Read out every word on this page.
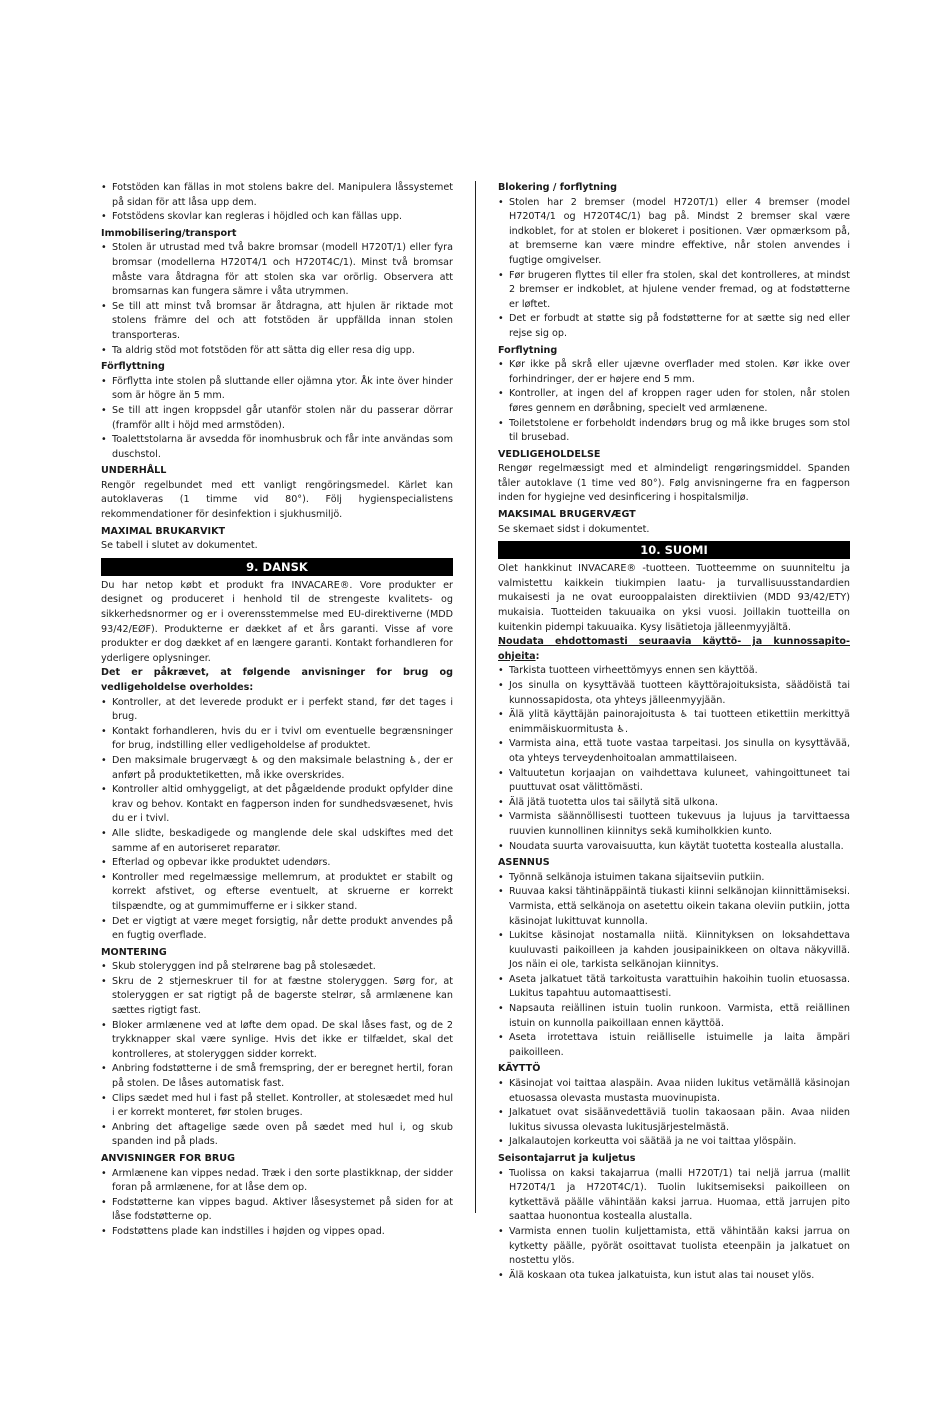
• Fotstöden kan fällas in mot stolens bakre del. Manipulera låssystemet på sidan för att låsa upp dem.
• Fotstödens skovlar kan regleras i höjdled och kan fällas upp.

Immobilisering/transport

• Stolen är utrustad med två bakre bromsar (modell H720T/1) eller fyra bromsar (modellerna H720T4/1 och H720T4C/1). Minst två bromsar måste vara åtdragna för att stolen ska var orörlig. Observera att bromsarnas kan fungera sämre i våta utrymmen.
• Se till att minst två bromsar är åtdragna, att hjulen är riktade mot stolens främre del och att fotstöden är uppfällda innan stolen transporteras.
• Ta aldrig stöd mot fotstöden för att sätta dig eller resa dig upp.

Förflyttning

• Förflytta inte stolen på sluttande eller ojämna ytor. Åk inte över hinder som är högre än 5 mm.
• Se till att ingen kroppsdel går utanför stolen när du passerar dörrar (framför allt i höjd med armstöden).
• Toalettstolarna är avsedda för inomhusbruk och får inte användas som duschstol.

UNDERHÅLL

Rengör regelbundet med ett vanligt rengöringsmedel. Kärlet kan autoklaveras (1 timme vid 80°). Följ hygienspecialistens rekommendationer för desinfektion i sjukhusmiljö.

MAXIMAL BRUKARVIKT

Se tabell i slutet av dokumentet.

9. DANSK

Du har netop købt et produkt fra INVACARE®. Vore produkter er designet og produceret i henhold til de strengeste kvalitets- og sikkerhedsnormer og er i overensstemmelse med EU-direktiverne (MDD 93/42/EØF). Produkterne er dækket af et års garanti. Visse af vore produkter er dog dækket af en længere garanti. Kontakt forhandleren for yderligere oplysninger.

Det er påkrævet, at følgende anvisninger for brug og vedligeholdelse overholdes:

• Kontroller, at det leverede produkt er i perfekt stand, før det tages i brug.
• Kontakt forhandleren, hvis du er i tvivl om eventuelle begrænsninger for brug, indstilling eller vedligeholdelse af produktet.
• Den maksimale brugervægt ♿ og den maksimale belastning ♿, der er anført på produktetiketten, må ikke overskrides.
• Kontroller altid omhyggeligt, at det pågældende produkt opfylder dine krav og behov. Kontakt en fagperson inden for sundhedsvæsenet, hvis du er i tvivl.
• Alle slidte, beskadigede og manglende dele skal udskiftes med det samme af en autoriseret reparatør.
• Efterlad og opbevar ikke produktet udendørs.
• Kontroller med regelmæssige mellemrum, at produktet er stabilt og korrekt afstivet, og efterse eventuelt, at skruerne er korrekt tilspændte, og at gummimufferne er i sikker stand.
• Det er vigtigt at være meget forsigtig, når dette produkt anvendes på en fugtig overflade.

MONTERING

• Skub stoleryggen ind på stelrørene bag på stolesædet.
• Skru de 2 stjerneskruer til for at fæstne stoleryggen. Sørg for, at stoleryggen er sat rigtigt på de bagerste stelrør, så armlænene kan sættes rigtigt fast.
• Bloker armlænene ved at løfte dem opad. De skal låses fast, og de 2 trykknapper skal være synlige. Hvis det ikke er tilfældet, skal det kontrolleres, at stoleryggen sidder korrekt.
• Anbring fodstøtterne i de små fremspring, der er beregnet hertil, foran på stolen. De låses automatisk fast.
• Clips sædet med hul i fast på stellet. Kontroller, at stolesædet med hul i er korrekt monteret, før stolen bruges.
• Anbring det aftagelige sæde oven på sædet med hul i, og skub spanden ind på plads.

ANVISNINGER FOR BRUG

• Armlænene kan vippes nedad. Træk i den sorte plastikknap, der sidder foran på armlænene, for at låse dem op.
• Fodstøtterne kan vippes bagud. Aktiver låsesystemet på siden for at låse fodstøtterne op.
• Fodstøttens plade kan indstilles i højden og vippes opad.

Blokering / forflytning

• Stolen har 2 bremser (model H720T/1) eller 4 bremser (model H720T4/1 og H720T4C/1) bag på. Mindst 2 bremser skal være indkoblet, for at stolen er blokeret i positionen. Vær opmærksom på, at bremserne kan være mindre effektive, når stolen anvendes i fugtige omgivelser.
• Før brugeren flyttes til eller fra stolen, skal det kontrolleres, at mindst 2 bremser er indkoblet, at hjulene vender fremad, og at fodstøtterne er løftet.
• Det er forbudt at støtte sig på fodstøtterne for at sætte sig ned eller rejse sig op.

Forflytning

• Kør ikke på skrå eller ujævne overflader med stolen. Kør ikke over forhindringer, der er højere end 5 mm.
• Kontroller, at ingen del af kroppen rager uden for stolen, når stolen føres gennem en døråbning, specielt ved armlænene.
• Toiletstolene er forbeholdt indendørs brug og må ikke bruges som stol til brusebad.

VEDLIGEHOLDELSE

Rengør regelmæssigt med et almindeligt rengøringsmiddel. Spanden tåler autoklave (1 time ved 80°). Følg anvisningerne fra en fagperson inden for hygiejne ved desinficering i hospitalsmiljø.

MAKSIMAL BRUGERVÆGT

Se skemaet sidst i dokumentet.

10. SUOMI

Olet hankkinut INVACARE® -tuotteen. Tuotteemme on suunniteltu ja valmistettu kaikkein tiukimpien laatu- ja turvallisuusstandardien mukaisesti ja ne ovat eurooppalaisten direktiivien (MDD 93/42/ETY) mukaisia. Tuotteiden takuuaika on yksi vuosi. Joillakin tuotteilla on kuitenkin pidempi takuuaika. Kysy lisätietoja jälleenmyyjältä.

Noudata ehdottomasti seuraavia käyttö- ja kunnossapito-ohjeita:

• Tarkista tuotteen virheettömyys ennen sen käyttöä.
• Jos sinulla on kysyttävää tuotteen käyttörajoituksista, säädöistä tai kunnossapidosta, ota yhteys jälleenmyyjään.
• Älä ylitä käyttäjän painorajoitusta ♿ tai tuotteen etikettiin merkittyä enimmäiskuormitusta ♿.
• Varmista aina, että tuote vastaa tarpeitasi. Jos sinulla on kysyttävää, ota yhteys terveydenhoitoalan ammattilaiseen.
• Valtuutetun korjaajan on vaihdettava kuluneet, vahingoittuneet tai puuttuvat osat välittömästi.
• Älä jätä tuotetta ulos tai säilytä sitä ulkona.
• Varmista säännöllisesti tuotteen tukevuus ja lujuus ja tarvittaessa ruuvien kunnollinen kiinnitys sekä kumiholkkien kunto.
• Noudata suurta varovaisuutta, kun käytät tuotetta kostealla alustalla.

ASENNUS

• Työnnä selkänoja istuimen takana sijaitseviin putkiin.
• Ruuvaa kaksi tähtinäppäintä tiukasti kiinni selkänojan kiinnittämiseksi. Varmista, että selkänoja on asetettu oikein takana oleviin putkiin, jotta käsinojat lukittuvat kunnolla.
• Lukitse käsinojat nostamalla niitä. Kiinnityksen on loksahdettava kuuluvasti paikoilleen ja kahden jousipainikkeen on oltava näkyvillä. Jos näin ei ole, tarkista selkänojan kiinnitys.
• Aseta jalkatuet tätä tarkoitusta varattuihin hakoihin tuolin etuosassa. Lukitus tapahtuu automaattisesti.
• Napsauta reiällinen istuin tuolin runkoon. Varmista, että reiällinen istuin on kunnolla paikoillaan ennen käyttöä.
• Aseta irrotettava istuin reiälliselle istuimelle ja laita ämpäri paikoilleen.

KÄYTTÖ

• Käsinojat voi taittaa alaspäin. Avaa niiden lukitus vetämällä käsinojan etuosassa olevasta mustasta muovinupista.
• Jalkatuet ovat sisäänvedettäviä tuolin takaosaan päin. Avaa niiden lukitus sivussa olevasta lukitusjärjestelmästä.
• Jalkalautojen korkeutta voi säätää ja ne voi taittaa ylöspäin.

Seisontajarrut ja kuljetus

• Tuolissa on kaksi takajarrua (malli H720T/1) tai neljä jarrua (mallit H720T4/1 ja H720T4C/1). Tuolin lukitsemiseksi paikoilleen on kytkettävä päälle vähintään kaksi jarrua. Huomaa, että jarrujen pito saattaa huonontua kostealla alustalla.
• Varmista ennen tuolin kuljettamista, että vähintään kaksi jarrua on kytketty päälle, pyörät osoittavat tuolista eteenpäin ja jalkatuet on nostettu ylös.
• Älä koskaan ota tukea jalkatuista, kun istut alas tai nouset ylös.
